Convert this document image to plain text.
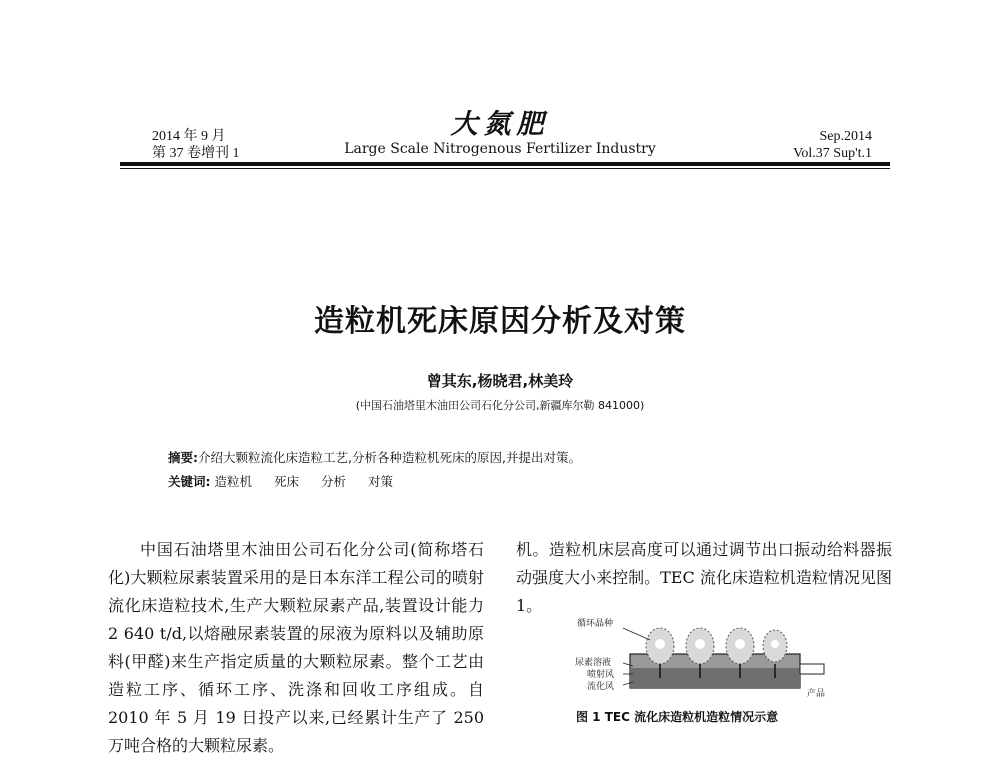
2014 年 9 月
第 37 卷增刊 1
大氮肥
Large Scale Nitrogenous Fertilizer Industry
Sep.2014
Vol.37 Sup't.1
造粒机死床原因分析及对策
曾其东,杨晓君,林美玲
(中国石油塔里木油田公司石化分公司,新疆库尔勒 841000)
摘要:介绍大颗粒流化床造粒工艺,分析各种造粒机死床的原因,并提出对策。
关键词: 造粒机 死床 分析 对策

中国石油塔里木油田公司石化分公司(简称塔石化)大颗粒尿素装置采用的是日本东洋工程公司的喷射流化床造粒技术,生产大颗粒尿素产品,装置设计能力 2 640 t/d,以熔融尿素装置的尿液为原料以及辅助原料(甲醛)来生产指定质量的大颗粒尿素。整个工艺由造粒工序、循环工序、洗涤和回收工序组成。自 2010 年 5 月 19 日投产以来,已经累计生产了 250 万吨合格的大颗粒尿素。

机。造粒机床层高度可以通过调节出口振动给料器振动强度大小来控制。TEC 流化床造粒机造粒情况见图 1。

循环晶种
尿素溶液
喷射风
流化风
产品
图 1 TEC 流化床造粒机造粒情况示意
